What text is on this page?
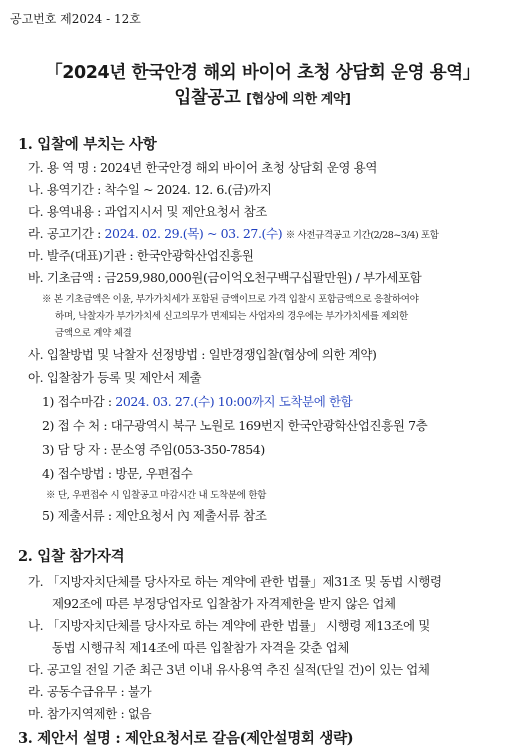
공고번호 제2024 - 12호
「2024년 한국안경 해외 바이어 초청 상담회 운영 용역」
입찰공고 [협상에 의한 계약]
1. 입찰에 부치는 사항
가. 용 역 명 : 2024년 한국안경 해외 바이어 초청 상담회 운영 용역
나. 용역기간 : 착수일 ~ 2024. 12. 6.(금)까지
다. 용역내용 : 과업지시서 및 제안요청서 참조
라. 공고기간 : 2024. 02. 29.(목) ~ 03. 27.(수) ※ 사전규격공고 기간(2/28~3/4) 포함
마. 발주(대표)기관 : 한국안광학산업진흥원
바. 기초금액 : 금259,980,000원(금이억오천구백구십팔만원) / 부가세포함
※ 본 기초금액은 이윤, 부가가치세가 포함된 금액이므로 가격 입찰시 포함금액으로 응찰하여야
하며, 낙찰자가 부가가치세 신고의무가 면제되는 사업자의 경우에는 부가가치세를 제외한
금액으로 계약 체결
사. 입찰방법 및 낙찰자 선정방법 : 일반경쟁입찰(협상에 의한 계약)
아. 입찰참가 등록 및 제안서 제출
1) 접수마감 : 2024. 03. 27.(수) 10:00까지 도착분에 한함
2) 접 수 처 : 대구광역시 북구 노원로 169번지 한국안광학산업진흥원 7층
3) 담 당 자 : 문소영 주임(053-350-7854)
4) 접수방법 : 방문, 우편접수
※ 단, 우편접수 시 입찰공고 마감시간 내 도착분에 한함
5) 제출서류 : 제안요청서 內 제출서류 참조
2. 입찰 참가자격
가. 「지방자치단체를 당사자로 하는 계약에 관한 법률」제31조 및 동법 시행령
제92조에 따른 부정당업자로 입찰참가 자격제한을 받지 않은 업체
나. 「지방자치단체를 당사자로 하는 계약에 관한 법률」 시행령 제13조에 및
동법 시행규칙 제14조에 따른 입찰참가 자격을 갖춘 업체
다. 공고일 전일 기준 최근 3년 이내 유사용역 추진 실적(단일 건)이 있는 업체
라. 공동수급유무 : 불가
마. 참가지역제한 : 없음
3. 제안서 설명 : 제안요청서로 갈음(제안설명회 생략)
